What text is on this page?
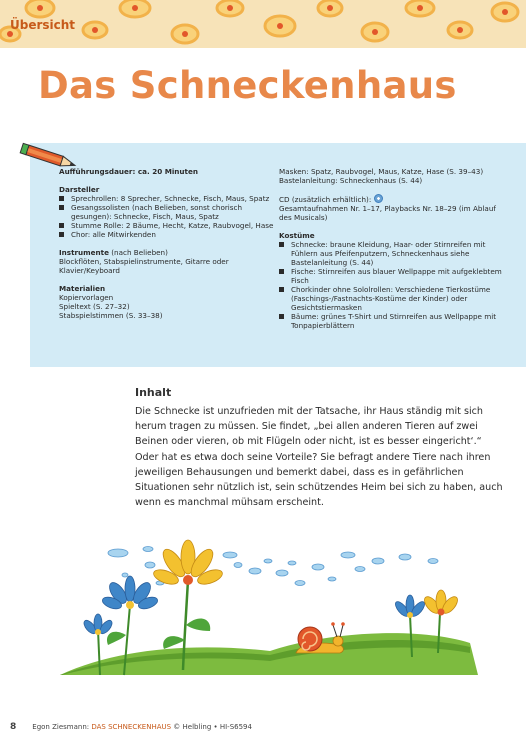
Übersicht
Das Schneckenhaus

Aufführungsdauer: ca. 20 Minuten

Darsteller

Sprechrollen: 8 Sprecher, Schnecke, Fisch, Maus, Spatz
Gesangssolisten (nach Belieben, sonst chorisch gesungen): Schnecke, Fisch, Maus, Spatz
Stumme Rolle: 2 Bäume, Hecht, Katze, Raubvogel, Hase
Chor: alle Mitwirkenden

Instrumente (nach Belieben)

Blockflöten, Stabspielinstrumente, Gitarre oder Klavier/Keyboard

Materialien

Kopiervorlagen

Spieltext (S. 27–32)

Stabspielstimmen (S. 33–38)

Masken: Spatz, Raubvogel, Maus, Katze, Hase (S. 39–43)

Bastelanleitung: Schneckenhaus (S. 44)

CD (zusätzlich erhältlich):

Gesamtaufnahmen Nr. 1–17, Playbacks Nr. 18–29 (im Ablauf des Musicals)

Kostüme

Schnecke: braune Kleidung, Haar- oder Stirnreifen mit Fühlern aus Pfeifenputzern, Schneckenhaus siehe Bastelanleitung (S. 44)
Fische: Stirnreifen aus blauer Wellpappe mit aufgeklebtem Fisch
Chorkinder ohne Sololrollen: Verschiedene Tierkostüme (Faschings-/Fastnachts-Kostüme der Kinder) oder Gesichtstiermasken
Bäume: grünes T-Shirt und Stirnreifen aus Wellpappe mit Tonpapierblättern
Inhalt

Die Schnecke ist unzufrieden mit der Tatsache, ihr Haus ständig mit sich herum tragen zu müssen. Sie findet, „bei allen anderen Tieren auf zwei Beinen oder vieren, ob mit Flügeln oder nicht, ist es besser eingericht‘.“ Oder hat es etwa doch seine Vorteile? Sie befragt andere Tiere nach ihren jeweiligen Behausungen und bemerkt dabei, dass es in gefährlichen Situationen sehr nützlich ist, sein schützendes Heim bei sich zu haben, auch wenn es manchmal mühsam erscheint.

8 Egon Ziesmann: DAS SCHNECKENHAUS © Helbling • HI-S6594
